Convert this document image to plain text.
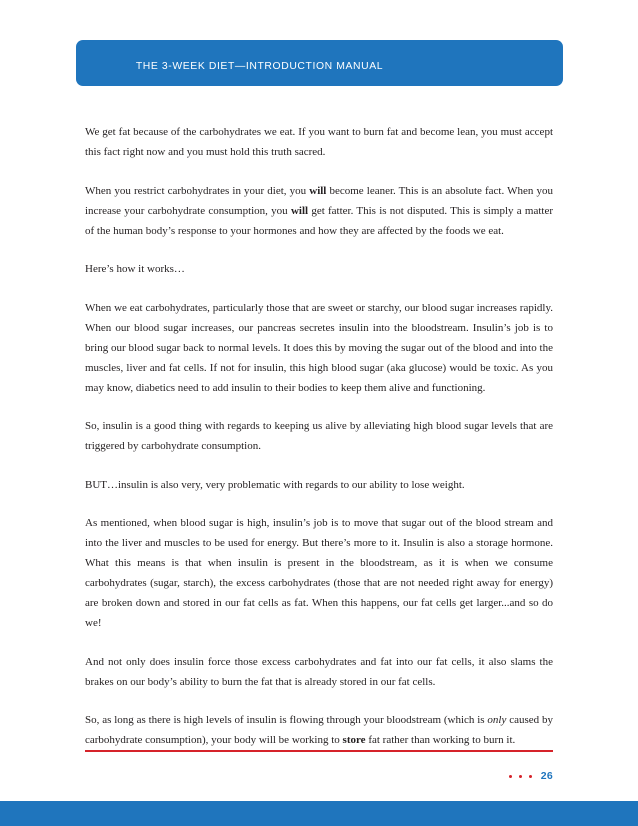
THE 3-WEEK DIET—INTRODUCTION MANUAL

We get fat because of the carbohydrates we eat. If you want to burn fat and become lean, you must accept this fact right now and you must hold this truth sacred.

When you restrict carbohydrates in your diet, you will become leaner. This is an absolute fact. When you increase your carbohydrate consumption, you will get fatter. This is not disputed. This is simply a matter of the human body’s response to your hormones and how they are affected by the foods we eat.

Here’s how it works…

When we eat carbohydrates, particularly those that are sweet or starchy, our blood sugar increases rapidly. When our blood sugar increases, our pancreas secretes insulin into the bloodstream. Insulin’s job is to bring our blood sugar back to normal levels. It does this by moving the sugar out of the blood and into the muscles, liver and fat cells. If not for insulin, this high blood sugar (aka glucose) would be toxic. As you may know, diabetics need to add insulin to their bodies to keep them alive and functioning.

So, insulin is a good thing with regards to keeping us alive by alleviating high blood sugar levels that are triggered by carbohydrate consumption.

BUT…insulin is also very, very problematic with regards to our ability to lose weight.

As mentioned, when blood sugar is high, insulin’s job is to move that sugar out of the blood stream and into the liver and muscles to be used for energy. But there’s more to it. Insulin is also a storage hormone. What this means is that when insulin is present in the bloodstream, as it is when we consume carbohydrates (sugar, starch), the excess carbohydrates (those that are not needed right away for energy) are broken down and stored in our fat cells as fat. When this happens, our fat cells get larger...and so do we!

And not only does insulin force those excess carbohydrates and fat into our fat cells, it also slams the brakes on our body’s ability to burn the fat that is already stored in our fat cells.

So, as long as there is high levels of insulin is flowing through your bloodstream (which is only caused by carbohydrate consumption), your body will be working to store fat rather than working to burn it.

26
